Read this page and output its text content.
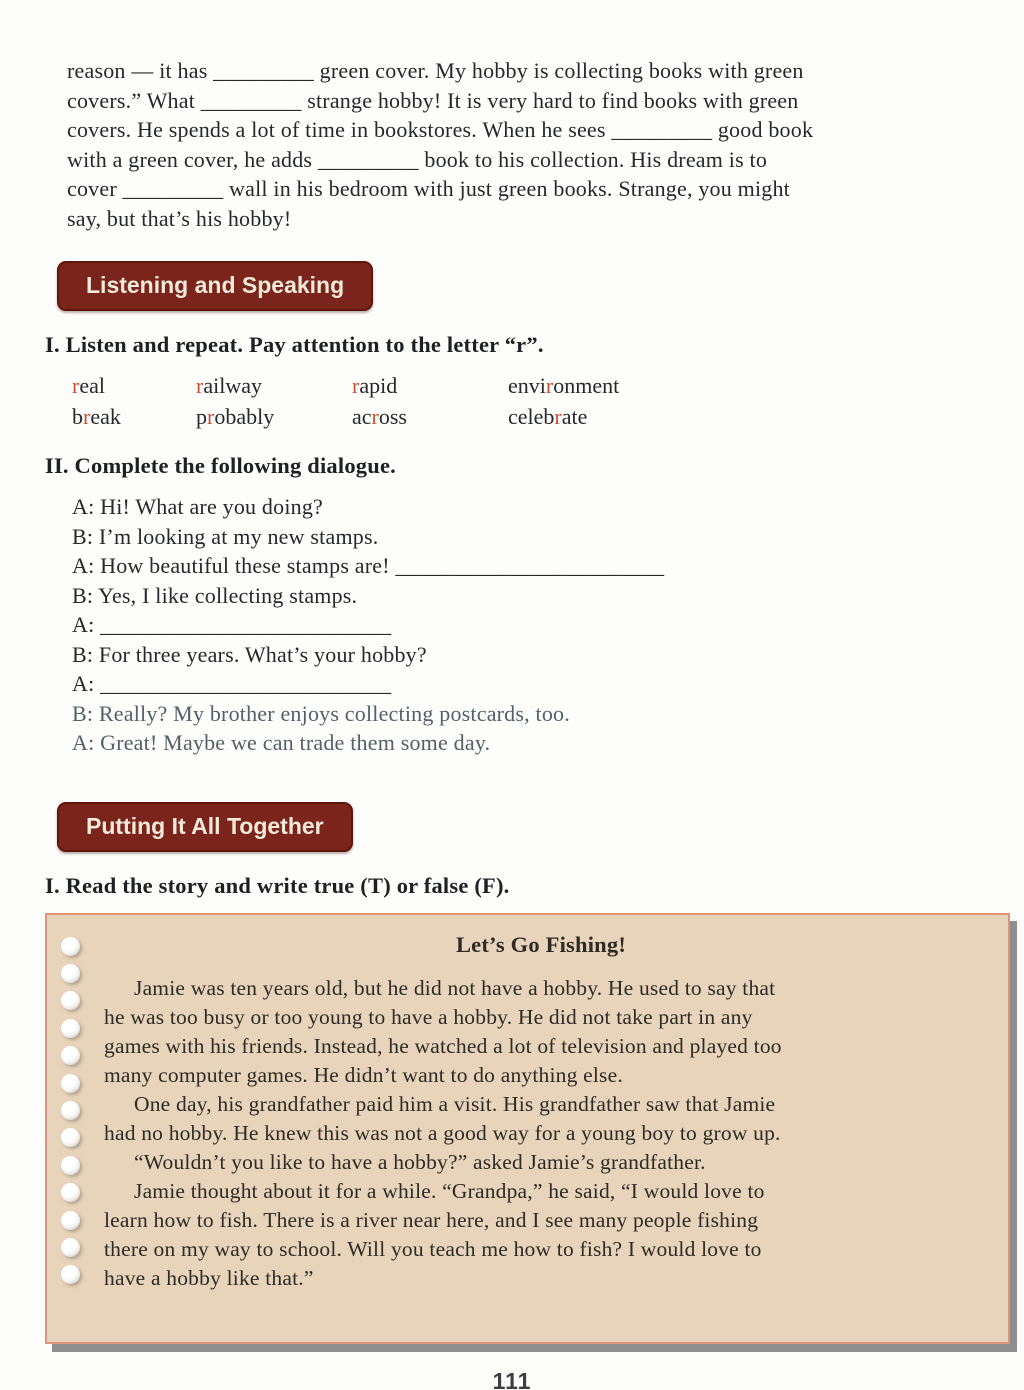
reason — it has _________ green cover. My hobby is collecting books with green
covers.” What _________ strange hobby! It is very hard to find books with green
covers. He spends a lot of time in bookstores. When he sees _________ good book
with a green cover, he adds _________ book to his collection. His dream is to
cover _________ wall in his bedroom with just green books. Strange, you might
say, but that’s his hobby!
Listening and Speaking
I. Listen and repeat. Pay attention to the letter “r”.
real	railway	rapid	environment
break	probably	across	celebrate
II. Complete the following dialogue.
A: Hi! What are you doing?
B: I’m looking at my new stamps.
A: How beautiful these stamps are! ________________________
B: Yes, I like collecting stamps.
A: __________________________
B: For three years. What’s your hobby?
A: __________________________
B: Really? My brother enjoys collecting postcards, too.
A: Great! Maybe we can trade them some day.
Putting It All Together
I. Read the story and write true (T) or false (F).
Let’s Go Fishing!
Jamie was ten years old, but he did not have a hobby. He used to say that
he was too busy or too young to have a hobby. He did not take part in any
games with his friends. Instead, he watched a lot of television and played too
many computer games. He didn’t want to do anything else.
One day, his grandfather paid him a visit. His grandfather saw that Jamie
had no hobby. He knew this was not a good way for a young boy to grow up.
“Wouldn’t you like to have a hobby?” asked Jamie’s grandfather.
Jamie thought about it for a while. “Grandpa,” he said, “I would love to
learn how to fish. There is a river near here, and I see many people fishing
there on my way to school. Will you teach me how to fish? I would love to
have a hobby like that.”
111
